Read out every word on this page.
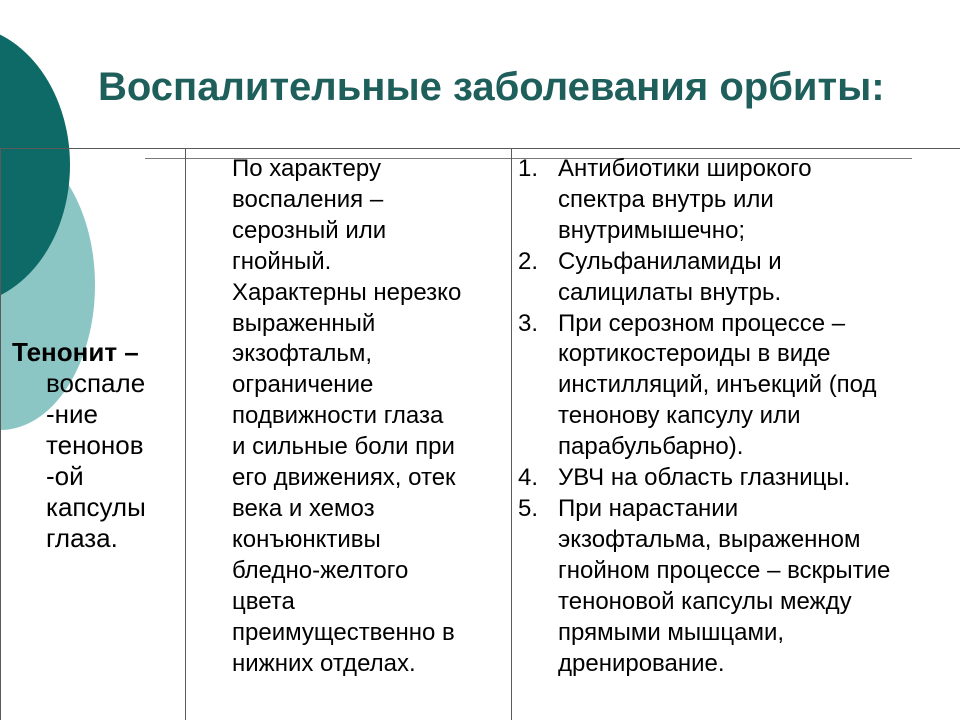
Воспалительные заболевания орбиты:
Тенонит –
воспале
-ние
тенонов
-ой
капсулы
глаза.
По характеру
воспаления –
серозный или
гнойный.
Характерны нерезко
выраженный
экзофтальм,
ограничение
подвижности глаза
и сильные боли при
его движениях, отек
века и хемоз
конъюнктивы
бледно-желтого
цвета
преимущественно в
нижних отделах.
1. Антибиотики широкого
спектра внутрь или
внутримышечно;
2. Сульфаниламиды и
салицилаты внутрь.
3. При серозном процессе –
кортикостероиды в виде
инстилляций, инъекций (под
тенонову капсулу или
парабульбарно).
4. УВЧ на область глазницы.
5. При нарастании
экзофтальма, выраженном
гнойном процессе – вскрытие
теноновой капсулы между
прямыми мышцами,
дренирование.
